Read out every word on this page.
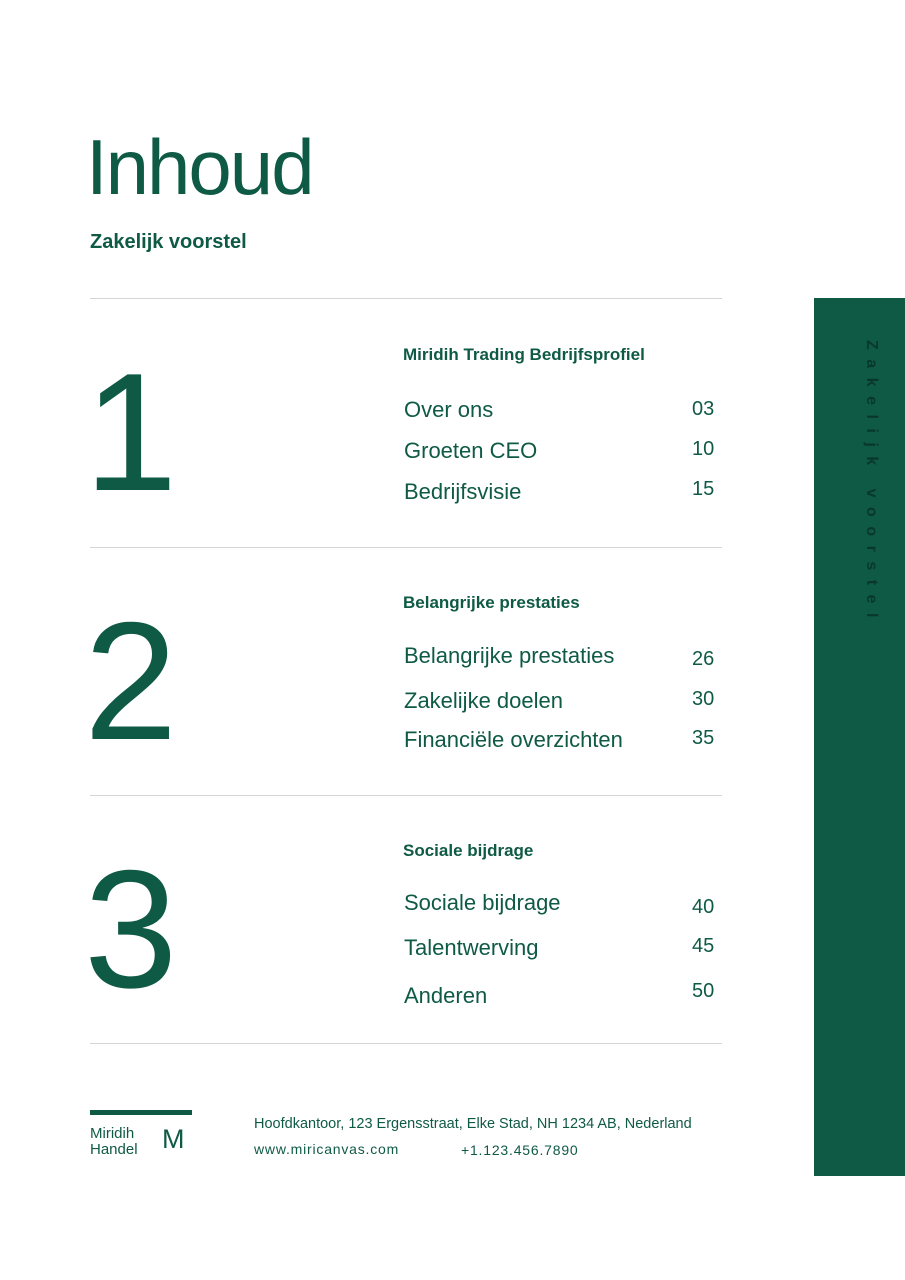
Inhoud
Zakelijk voorstel
1	Miridih Trading Bedrijfsprofiel
Over ons	03
Groeten CEO	10
Bedrijfsvisie	15
2	Belangrijke prestaties
Belangrijke prestaties	26
Zakelijke doelen	30
Financiële overzichten	35
3	Sociale bijdrage
Sociale bijdrage	40
Talentwerving	45
Anderen	50
Zakelijk voorstel
Miridih
Handel M	Hoofdkantoor, 123 Ergensstraat, Elke Stad, NH 1234 AB, Nederland
www.miricanvas.com	+1.123.456.7890
